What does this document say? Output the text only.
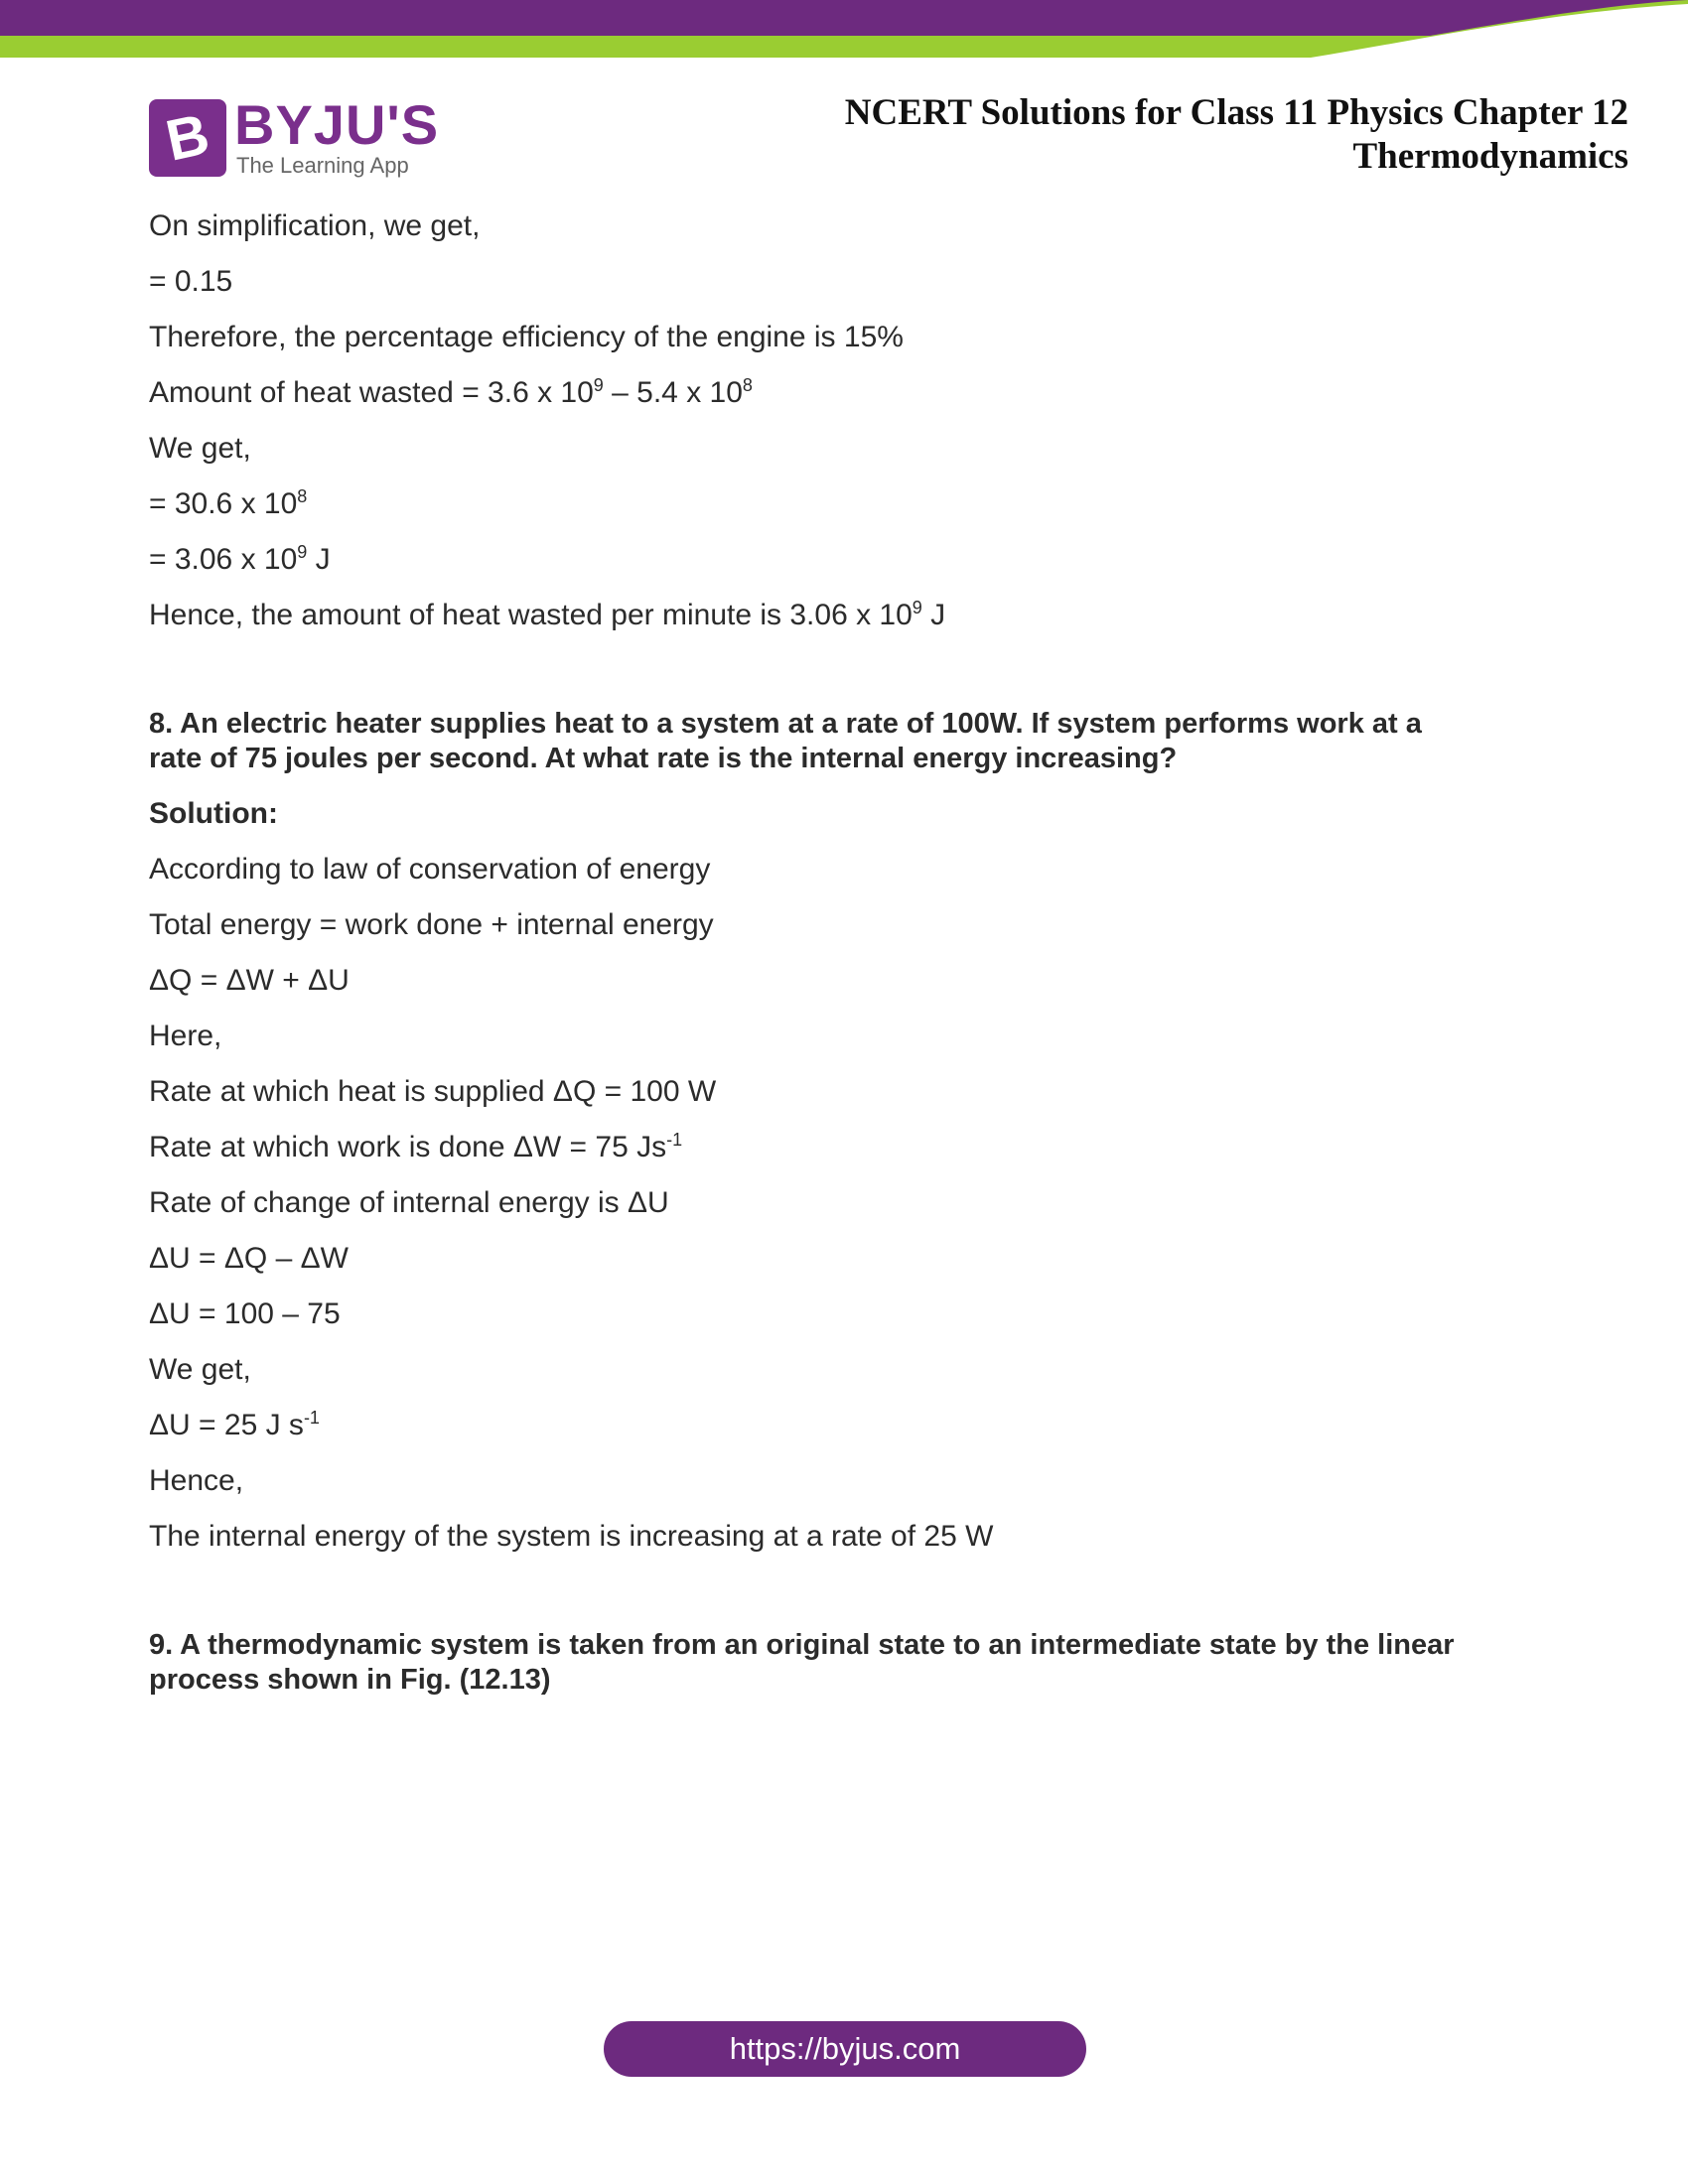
B BYJU'S
The Learning App
NCERT Solutions for Class 11 Physics Chapter 12
Thermodynamics
On simplification, we get,
= 0.15
Therefore, the percentage efficiency of the engine is 15%
Amount of heat wasted = 3.6 x $10^9 - 5.4$ x $10^8$
We get,
= 30.6 x $10^8$
= 3.06 x $10^9$ J
Hence, the amount of heat wasted per minute is 3.06 x $10^9$ J
8. An electric heater supplies heat to a system at a rate of 100W. If system performs work at a
rate of 75 joules per second. At what rate is the internal energy increasing?
Solution:
According to law of conservation of energy
Total energy = work done + internal energy
ΔQ = ΔW + ΔU
Here,
Rate at which heat is supplied ΔQ = 100 W
Rate at which work is done ΔW = 75 $Js^{-1}$
Rate of change of internal energy is ΔU
ΔU = ΔQ – ΔW
ΔU = 100 – 75
We get,
ΔU = 25 J $s^{-1}$
Hence,
The internal energy of the system is increasing at a rate of 25 W
9. A thermodynamic system is taken from an original state to an intermediate state by the linear
process shown in Fig. (12.13)
https://byjus.com
